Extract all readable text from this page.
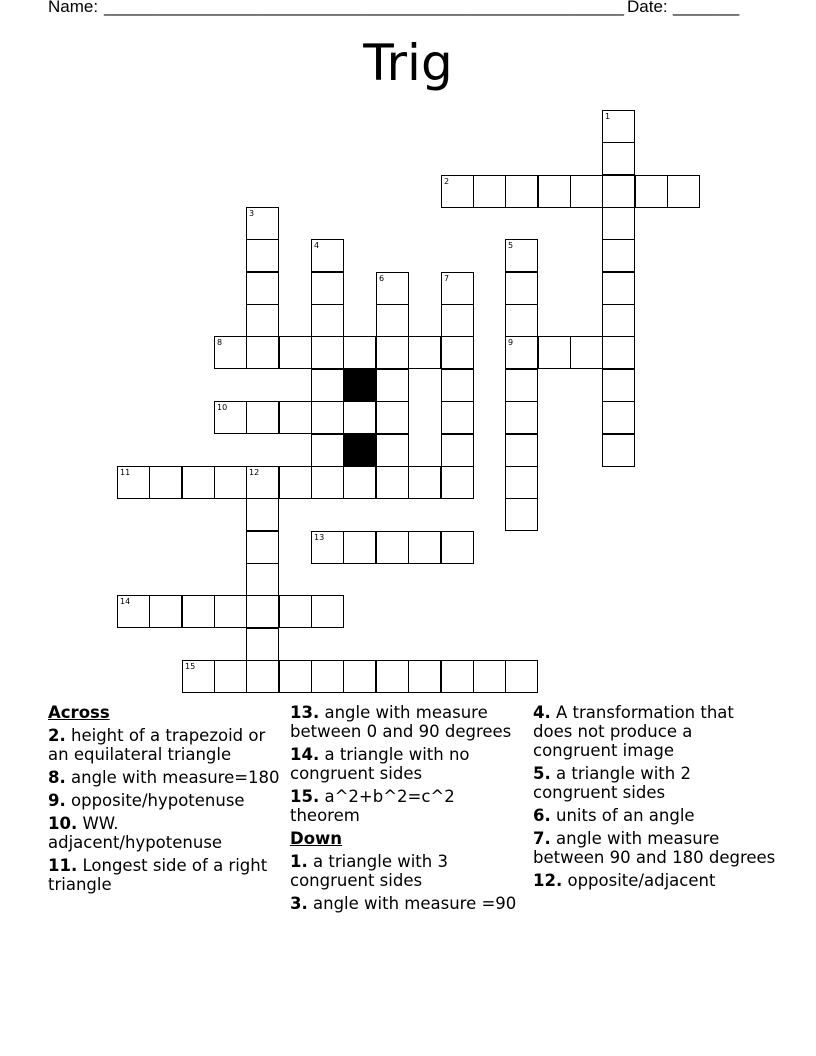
Name: _______________________________________________________ Date: _______
Trig
1
2
3
4	5
9
6	7
8
10
11	12
13
14
15
Across
2. height of a trapezoid or an equilateral triangle
8. angle with measure=180
9. opposite/hypotenuse
10. WW. adjacent/hypotenuse
11. Longest side of a right triangle
13. angle with measure between 0 and 90 degrees
14. a triangle with no congruent sides
15. a^2+b^2=c^2 theorem
Down
1. a triangle with 3 congruent sides
3. angle with measure =90
4. A transformation that does not produce a congruent image
5. a triangle with 2 congruent sides
6. units of an angle
7. angle with measure between 90 and 180 degrees
12. opposite/adjacent
